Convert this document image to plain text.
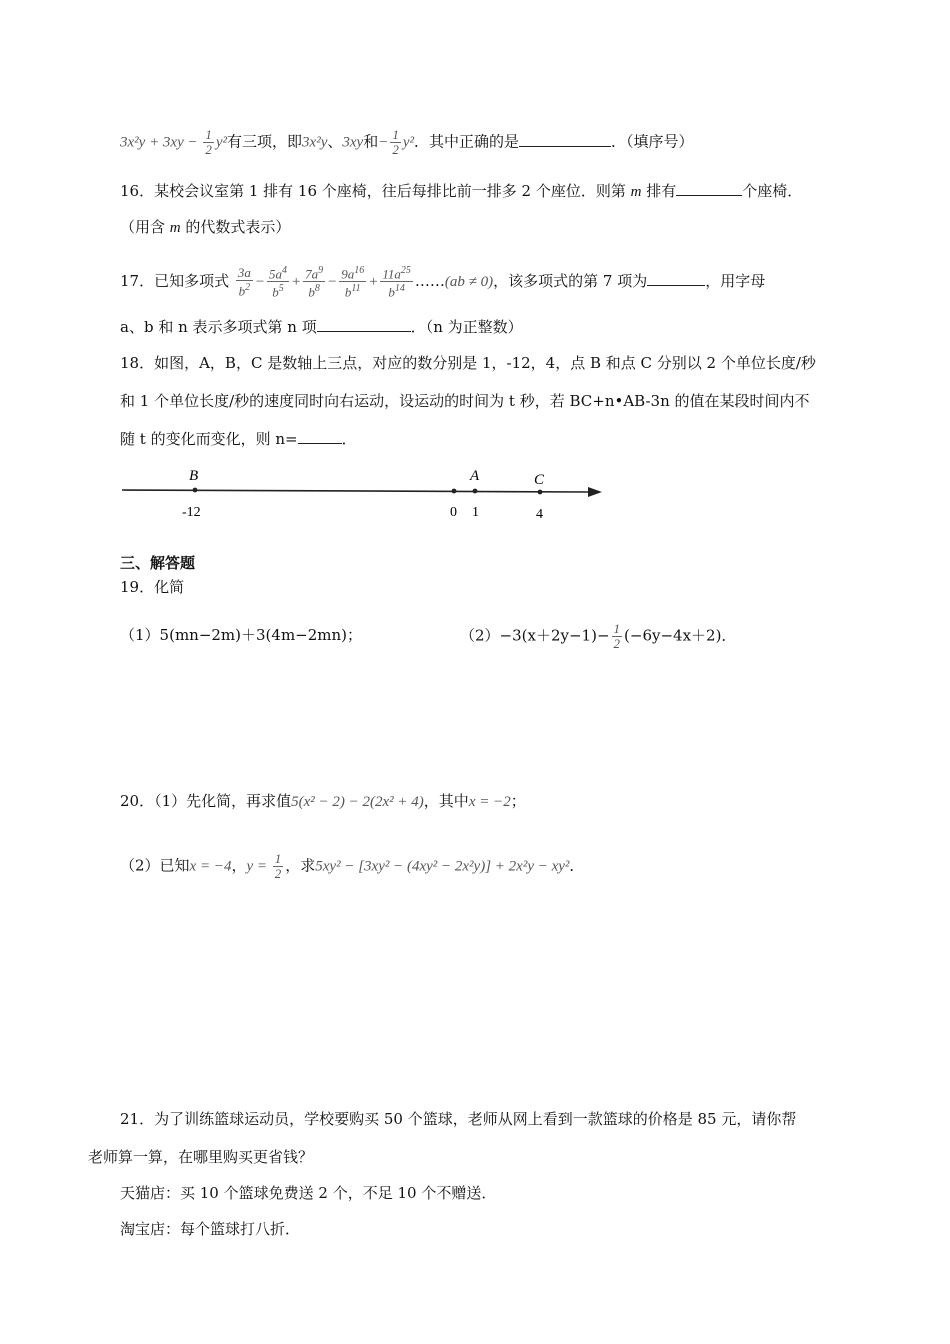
$3x^2y + 3xy - \frac{1}{2} y^2$有三项，即3x²y、3xy和− $\frac{1}{2} y^2$．其中正确的是	．（填序号）
16．某校会议室第 1 排有 16 个座椅，往后每排比前一排多 2 个座位．则第 m 排有	个座椅．
（用含 m 的代数式表示）
17．已知多项式 $\frac{3a}{b^2} - \frac{5a^4}{b^5} + \frac{7a^9}{b^8} - \frac{9a^{16}}{b^{11}} + \frac{11a^{25}}{b^{14}}$ ……(ab ≠ 0)，该多项式的第 7 项为	，用字母
a、b 和 n 表示多项式第 n 项	．（n 为正整数）
18．如图，A，B，C 是数轴上三点，对应的数分别是 1，-12，4，点 B 和点 C 分别以 2 个单位长度/秒
和 1 个单位长度/秒的速度同时向右运动，设运动的时间为 t 秒，若 BC+n•AB-3n 的值在某段时间内不
随 t 的变化而变化，则 n=	．
B
-12	0
A
1
C
4
三、解答题
19．化简
（1）5(mn−2m)＋3(4m−2mn)；	$(2)-3(x+2y-1)- \frac{1}{2} (-6y-4x+2)$．
20．（1）先化简，再求值5(x² − 2) − 2(2x² + 4)，其中x = −2；
（2）已知x = −4，$y = \frac{1}{2}$ ，求5xy² − [3xy² − (4xy² − 2x²y)] + 2x²y − xy²．
21．为了训练篮球运动员，学校要购买 50 个篮球，老师从网上看到一款篮球的价格是 85 元，请你帮
老师算一算，在哪里购买更省钱？
天猫店：买 10 个篮球免费送 2 个，不足 10 个不赠送．
淘宝店：每个篮球打八折．
